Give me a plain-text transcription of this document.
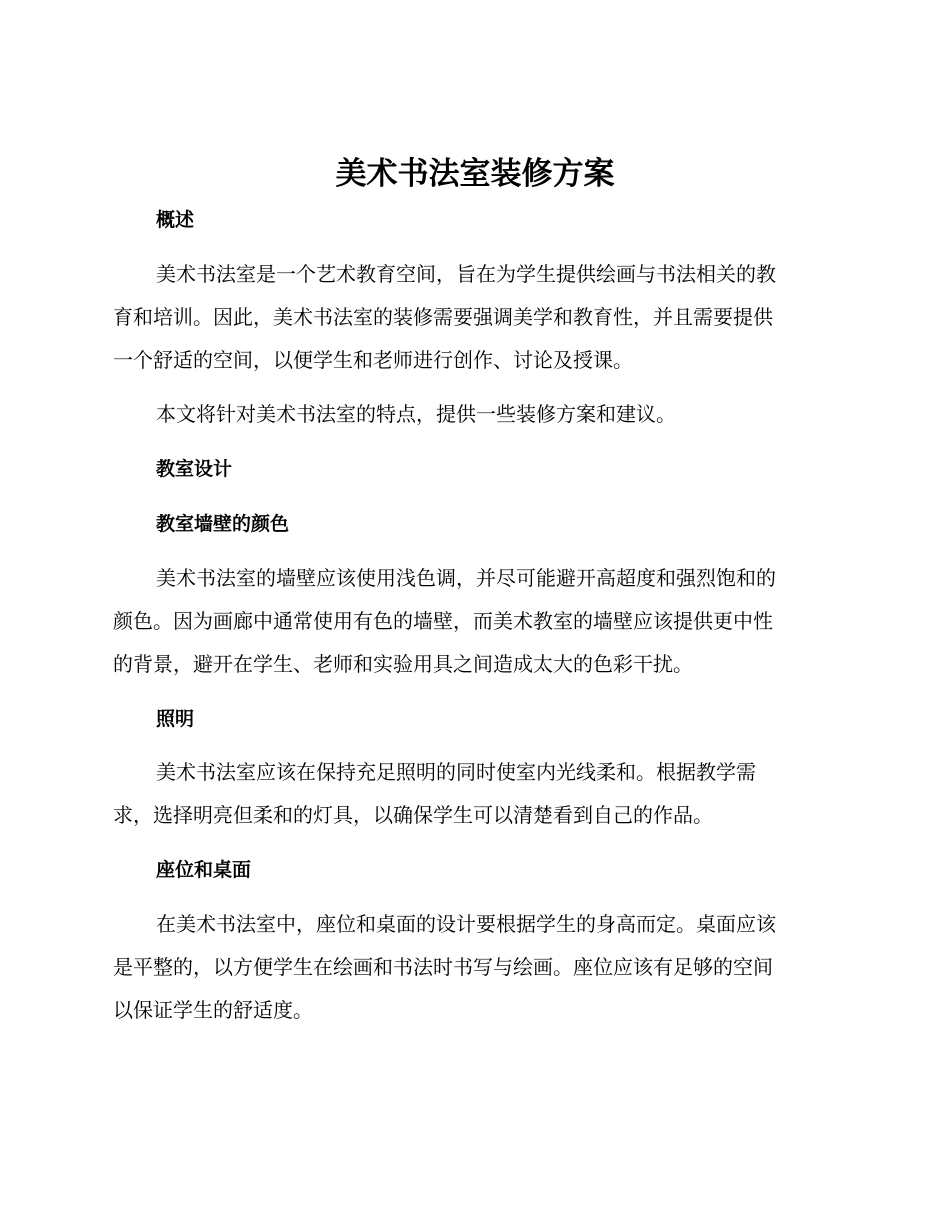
美术书法室装修方案
概述

美术书法室是一个艺术教育空间，旨在为学生提供绘画与书法相关的教
育和培训。因此，美术书法室的装修需要强调美学和教育性，并且需要提供
一个舒适的空间，以便学生和老师进行创作、讨论及授课。

本文将针对美术书法室的特点，提供一些装修方案和建议。

教室设计
教室墙壁的颜色

美术书法室的墙壁应该使用浅色调，并尽可能避开高超度和强烈饱和的
颜色。因为画廊中通常使用有色的墙壁，而美术教室的墙壁应该提供更中性
的背景，避开在学生、老师和实验用具之间造成太大的色彩干扰。

照明

美术书法室应该在保持充足照明的同时使室内光线柔和。根据教学需
求，选择明亮但柔和的灯具，以确保学生可以清楚看到自己的作品。

座位和桌面

在美术书法室中，座位和桌面的设计要根据学生的身高而定。桌面应该
是平整的，以方便学生在绘画和书法时书写与绘画。座位应该有足够的空间
以保证学生的舒适度。
